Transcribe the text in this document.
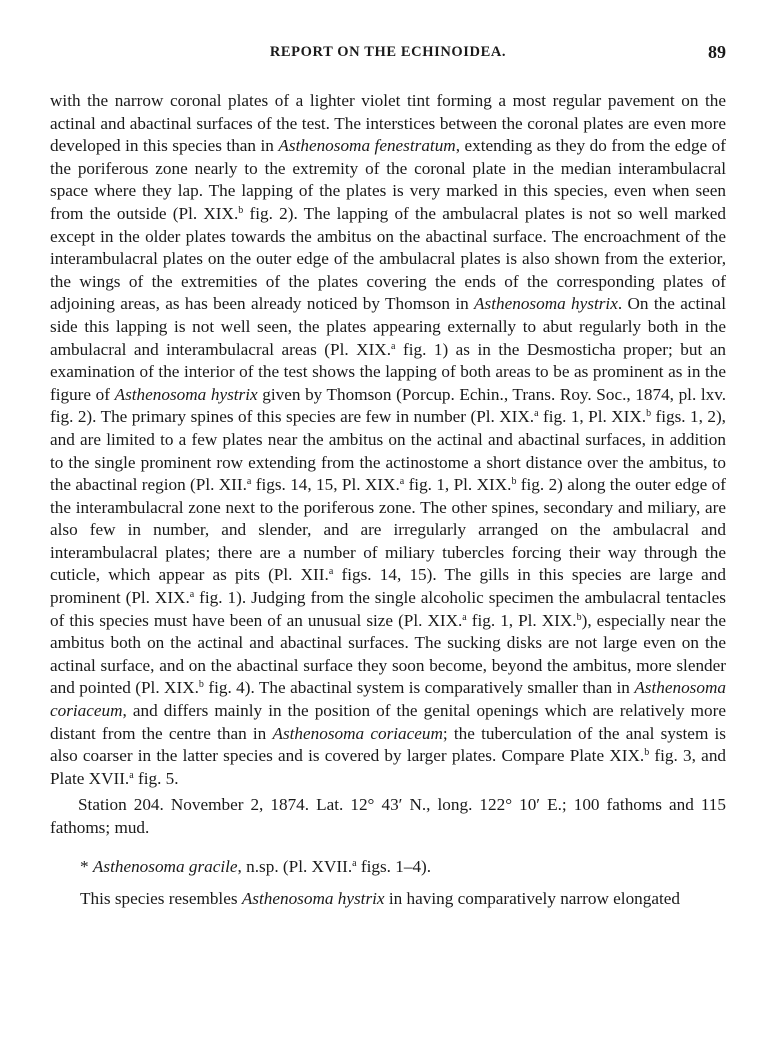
REPORT ON THE ECHINOIDEA.	89

with the narrow coronal plates of a lighter violet tint forming a most regular pavement on the actinal and abactinal surfaces of the test. The interstices between the coronal plates are even more developed in this species than in Asthenosoma fenestratum, extending as they do from the edge of the poriferous zone nearly to the extremity of the coronal plate in the median interambulacral space where they lap. The lapping of the plates is very marked in this species, even when seen from the outside (Pl. XIX.$^b$ fig. 2). The lapping of the ambulacral plates is not so well marked except in the older plates towards the ambitus on the abactinal surface. The encroachment of the interambulacral plates on the outer edge of the ambulacral plates is also shown from the exterior, the wings of the extremities of the plates covering the ends of the corresponding plates of adjoining areas, as has been already noticed by Thomson in Asthenosoma hystrix. On the actinal side this lapping is not well seen, the plates appearing externally to abut regularly both in the ambulacral and interambulacral areas (Pl. XIX.$^a$ fig. 1) as in the Desmosticha proper; but an examination of the interior of the test shows the lapping of both areas to be as prominent as in the figure of Asthenosoma hystrix given by Thomson (Porcup. Echin., Trans. Roy. Soc., 1874, pl. lxv. fig. 2). The primary spines of this species are few in number (Pl. XIX.$^a$ fig. 1, Pl. XIX.$^b$ figs. 1, 2), and are limited to a few plates near the ambitus on the actinal and abactinal surfaces, in addition to the single prominent row extending from the actinostome a short distance over the ambitus, to the abactinal region (Pl. XII.$^a$ figs. 14, 15, Pl. XIX.$^a$ fig. 1, Pl. XIX.$^b$ fig. 2) along the outer edge of the interambulacral zone next to the poriferous zone. The other spines, secondary and miliary, are also few in number, and slender, and are irregularly arranged on the ambulacral and interambulacral plates; there are a number of miliary tubercles forcing their way through the cuticle, which appear as pits (Pl. XII.$^a$ figs. 14, 15). The gills in this species are large and prominent (Pl. XIX.$^a$ fig. 1). Judging from the single alcoholic specimen the ambulacral tentacles of this species must have been of an unusual size (Pl. XIX.$^a$ fig. 1, Pl. XIX.$^b$), especially near the ambitus both on the actinal and abactinal surfaces. The sucking disks are not large even on the actinal surface, and on the abactinal surface they soon become, beyond the ambitus, more slender and pointed (Pl. XIX.$^b$ fig. 4). The abactinal system is comparatively smaller than in Asthenosoma coriaceum, and differs mainly in the position of the genital openings which are relatively more distant from the centre than in Asthenosoma coriaceum; the tuberculation of the anal system is also coarser in the latter species and is covered by larger plates. Compare Plate XIX.$^b$ fig. 3, and Plate XVII.$^a$ fig. 5.

Station 204. November 2, 1874. Lat. 12° 43′ N., long. 122° 10′ E.; 100 fathoms and 115 fathoms; mud.

* Asthenosoma gracile, n.sp. (Pl. XVII.$^a$ figs. 1–4).

This species resembles Asthenosoma hystrix in having comparatively narrow elongated
